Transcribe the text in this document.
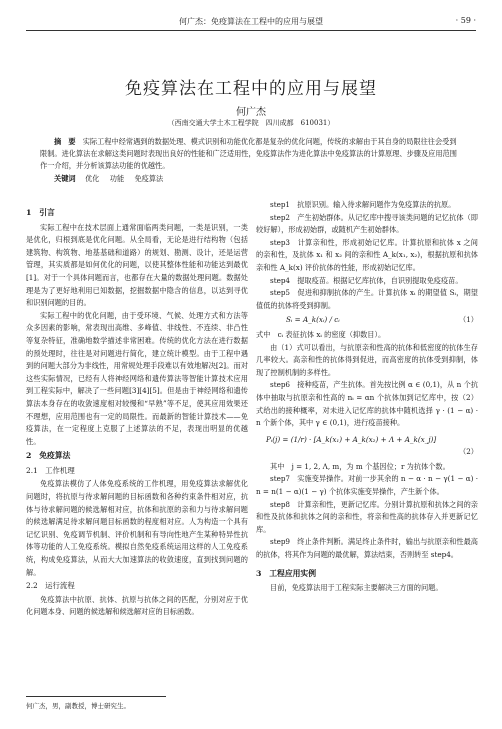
何广杰：免疫算法在工程中的应用与展望	· 59 ·
免疫算法在工程中的应用与展望
何广杰
（西南交通大学土木工程学院　四川成都　610031）
摘　要　 实际工程中经常遇到的数据处理、模式识别和功能优化都是复杂的优化问题，传统的求解由于其自身的局限往往会受到限制。进化算法在求解这类问题时表现出良好的性能和广泛适用性，免疫算法作为进化算法中免疫算法的计算原理、步骤及应用范围作一介绍，并分析该算法功能的优越性。
关键词　 优化 功能 免疫算法
1　引言

实际工程中在技术层面上通常面临两类问题，一类是识别，一类是优化，归根到底是优化问题。从全局看，无论是进行结构物（包括建筑物、构筑物、地基基础和道路）的规划、勘测、设计，还是运营管理，其实质都是如何优化的问题，以使其整体性能和功能达到最优[1]。对于一个具体问题而言，也都存在大量的数据处理问题。数据处理是为了更好地利用已知数据，挖掘数据中隐含的信息，以达到寻优和识别问题的目的。

实际工程中的优化问题，由于受环境、气候、处理方式和方法等众多因素的影响，常表现出高维、多峰值、非线性、不连续、非凸性等复杂特征，准确地数学描述非常困难。传统的优化方法在进行数据的预处理时，往往是对问题进行简化，建立统计模型。由于工程中遇到的问题大部分为非线性，用常规处理手段难以有效地解决[2]。而对这些实际情况，已经有人将神经网络和遗传算法等智能计算技术应用到工程实际中，解决了一些问题[3][4][5]。但是由于神经网络和遗传算法本身存在的收敛速度相对较慢和“早熟”等不足，使其应用效果还不理想，应用范围也有一定的局限性。而最新的智能计算技术——免疫算法，在一定程度上克服了上述算法的不足，表现出明显的优越性。

2　免疫算法
2.1　工作机理

免疫算法模仿了人体免疫系统的工作机理，用免疫算法求解优化问题时，将抗原与待求解问题的目标函数和各种约束条件相对应，抗体与待求解问题的候选解相对应，抗体和抗原的亲和力与待求解问题的候选解满足待求解问题目标函数的程度相对应。人为构造一个具有记忆识别、免疫调节机制、评价机制和有导向性地产生某种特异性抗体等功能的人工免疫系统。模拟自然免疫系统运用这样的人工免疫系统，构成免疫算法，从而大大加速算法的收敛速度，直到找到问题的解。

2.2　运行流程

免疫算法中抗原、抗体、抗原与抗体之间的匹配，分别对应于优化问题本身、问题的候选解和候选解对应的目标函数。

step1　抗原识别。输入待求解问题作为免疫算法的抗原。

step2　产生初始群体。从记忆库中搜寻该类问题的记忆抗体（即较好解），形成初始群，或随机产生初始群体。

step3　计算亲和性，形成初始记忆库。计算抗原和抗体 x 之间的亲和性，及抗体 x₁ 和 x₂ 间的亲和性 A_k(x₁, x₂)，根据抗原和抗体亲和性 A_k(x) 评价抗体的性能，形成初始记忆库。

step4　提取疫苗。根据记忆库抗体，自识别提取免疫疫苗。

step5　促进和抑制抗体的产生。计算抗体 xᵢ 的期望值 Sᵢ，期望值低的抗体将受到抑制。

Sᵢ = A_k(xᵢ) / cᵢ	（1）

式中　cᵢ 表征抗体 xᵢ 的密度（抑数目）。

由（1）式可以看出，与抗原亲和性高的抗体和低密度的抗体生存几率较大。高亲和性的抗体得到促进，而高密度的抗体受到抑制，体现了控制机制的多样性。

step6　接种疫苗，产生抗体。首先按比例 α ∈ (0,1)，从 n 个抗体中抽取与抗原亲和性高的 nᵢ = αn 个抗体加到记忆库中，按（2）式给出的接种概率，对未进入记忆库的抗体中随机选择 γ · (1 − α) · n 个新个体，其中 γ ∈ (0,1)，进行疫苗接种。

Pᵢ(j) = (1/r) · [A_k(x₁) + A_k(x₂) + Λ + A_k(x_j)]
（2）

其中　j = 1, 2, Λ, m，为 m 个基因位；r 为抗体个数。

step7　实施变异操作。对前一步其余的 n − α · n − γ(1 − α) · n = n(1 − α)(1 − γ) 个抗体实施变异操作，产生新个体。

step8　计算亲和性，更新记忆库。分别计算抗原和抗体之间的亲和性及抗体和抗体之间的亲和性，将亲和性高的抗体存入并更新记忆库。

step9　终止条件判断。满足终止条件时，输出与抗原亲和性最高的抗体，将其作为问题的最优解，算法结束，否则转至 step4。

3　工程应用实例

目前，免疫算法用于工程实际主要解决三方面的问题。

何广杰，男，副教授，博士研究生。
